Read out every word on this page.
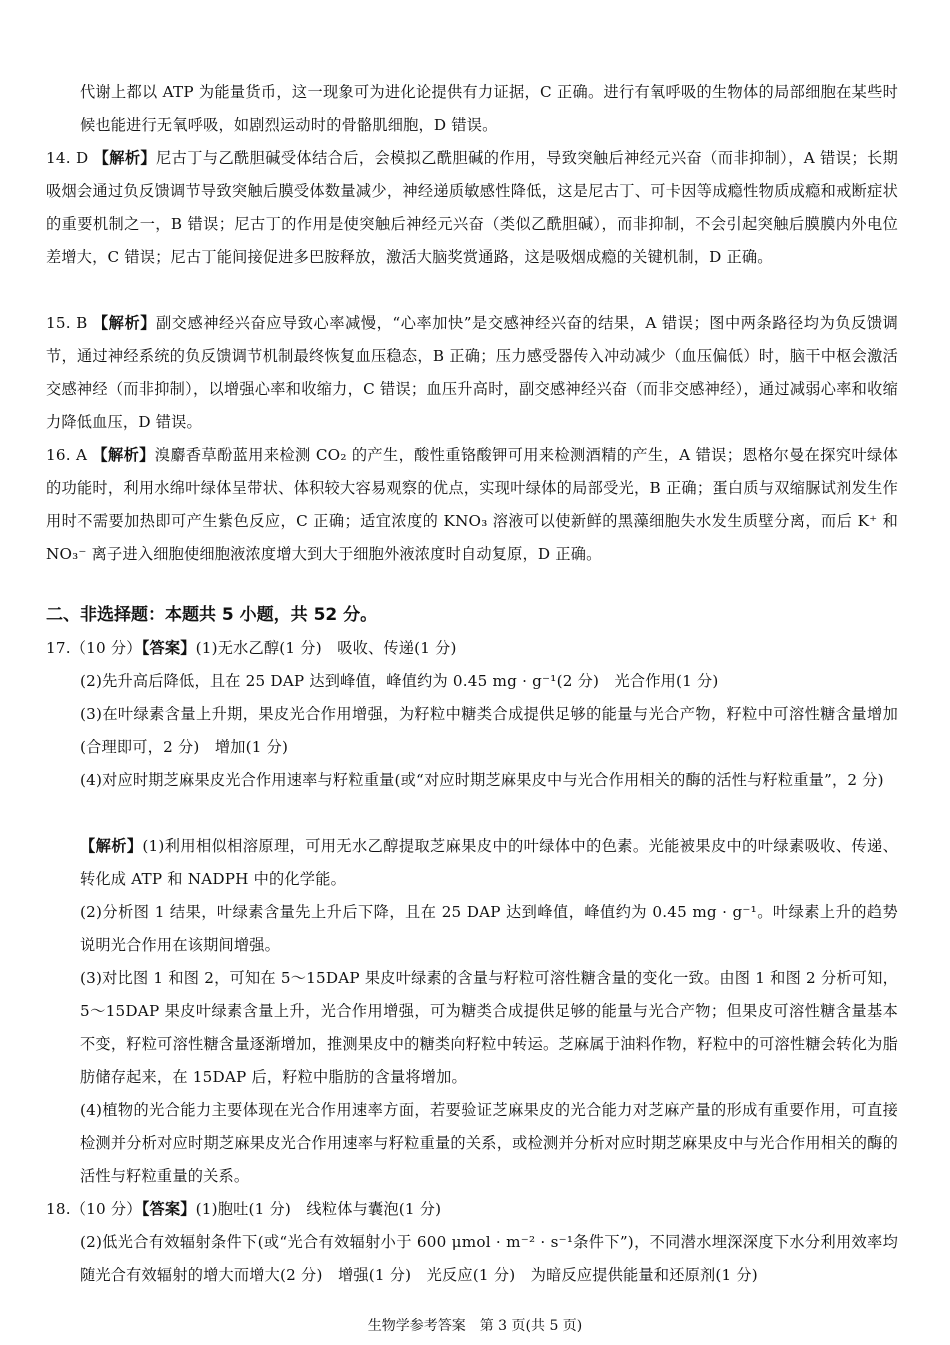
代谢上都以 ATP 为能量货币，这一现象可为进化论提供有力证据，C 正确。进行有氧呼吸的生物体的局部细胞在某些时候也能进行无氧呼吸，如剧烈运动时的骨骼肌细胞，D 错误。

14. D 【解析】尼古丁与乙酰胆碱受体结合后，会模拟乙酰胆碱的作用，导致突触后神经元兴奋（而非抑制），A 错误；长期吸烟会通过负反馈调节导致突触后膜受体数量减少，神经递质敏感性降低，这是尼古丁、可卡因等成瘾性物质成瘾和戒断症状的重要机制之一，B 错误；尼古丁的作用是使突触后神经元兴奋（类似乙酰胆碱），而非抑制，不会引起突触后膜膜内外电位差增大，C 错误；尼古丁能间接促进多巴胺释放，激活大脑奖赏通路，这是吸烟成瘾的关键机制，D 正确。

15. B 【解析】副交感神经兴奋应导致心率减慢，“心率加快”是交感神经兴奋的结果，A 错误；图中两条路径均为负反馈调节，通过神经系统的负反馈调节机制最终恢复血压稳态，B 正确；压力感受器传入冲动减少（血压偏低）时，脑干中枢会激活交感神经（而非抑制），以增强心率和收缩力，C 错误；血压升高时，副交感神经兴奋（而非交感神经），通过减弱心率和收缩力降低血压，D 错误。

16. A 【解析】溴麝香草酚蓝用来检测 CO₂ 的产生，酸性重铬酸钾可用来检测酒精的产生，A 错误；恩格尔曼在探究叶绿体的功能时，利用水绵叶绿体呈带状、体积较大容易观察的优点，实现叶绿体的局部受光，B 正确；蛋白质与双缩脲试剂发生作用时不需要加热即可产生紫色反应，C 正确；适宜浓度的 KNO₃ 溶液可以使新鲜的黑藻细胞失水发生质壁分离，而后 K⁺ 和 NO₃⁻ 离子进入细胞使细胞液浓度增大到大于细胞外液浓度时自动复原，D 正确。

二、非选择题：本题共 5 小题，共 52 分。

17.（10 分）【答案】(1)无水乙醇(1 分)　吸收、传递(1 分)

(2)先升高后降低，且在 25 DAP 达到峰值，峰值约为 0.45 mg · g⁻¹(2 分)　光合作用(1 分)

(3)在叶绿素含量上升期，果皮光合作用增强，为籽粒中糖类合成提供足够的能量与光合产物，籽粒中可溶性糖含量增加(合理即可，2 分)　增加(1 分)

(4)对应时期芝麻果皮光合作用速率与籽粒重量(或“对应时期芝麻果皮中与光合作用相关的酶的活性与籽粒重量”，2 分)

【解析】(1)利用相似相溶原理，可用无水乙醇提取芝麻果皮中的叶绿体中的色素。光能被果皮中的叶绿素吸收、传递、转化成 ATP 和 NADPH 中的化学能。

(2)分析图 1 结果，叶绿素含量先上升后下降，且在 25 DAP 达到峰值，峰值约为 0.45 mg · g⁻¹。叶绿素上升的趋势说明光合作用在该期间增强。

(3)对比图 1 和图 2，可知在 5～15DAP 果皮叶绿素的含量与籽粒可溶性糖含量的变化一致。由图 1 和图 2 分析可知，5～15DAP 果皮叶绿素含量上升，光合作用增强，可为糖类合成提供足够的能量与光合产物；但果皮可溶性糖含量基本不变，籽粒可溶性糖含量逐渐增加，推测果皮中的糖类向籽粒中转运。芝麻属于油料作物，籽粒中的可溶性糖会转化为脂肪储存起来，在 15DAP 后，籽粒中脂肪的含量将增加。

(4)植物的光合能力主要体现在光合作用速率方面，若要验证芝麻果皮的光合能力对芝麻产量的形成有重要作用，可直接检测并分析对应时期芝麻果皮光合作用速率与籽粒重量的关系，或检测并分析对应时期芝麻果皮中与光合作用相关的酶的活性与籽粒重量的关系。

18.（10 分）【答案】(1)胞吐(1 分)　线粒体与囊泡(1 分)

(2)低光合有效辐射条件下(或“光合有效辐射小于 600 μmol · m⁻² · s⁻¹条件下”)，不同潜水埋深深度下水分利用效率均随光合有效辐射的增大而增大(2 分)　增强(1 分)　光反应(1 分)　为暗反应提供能量和还原剂(1 分)

生物学参考答案　第 3 页(共 5 页)
